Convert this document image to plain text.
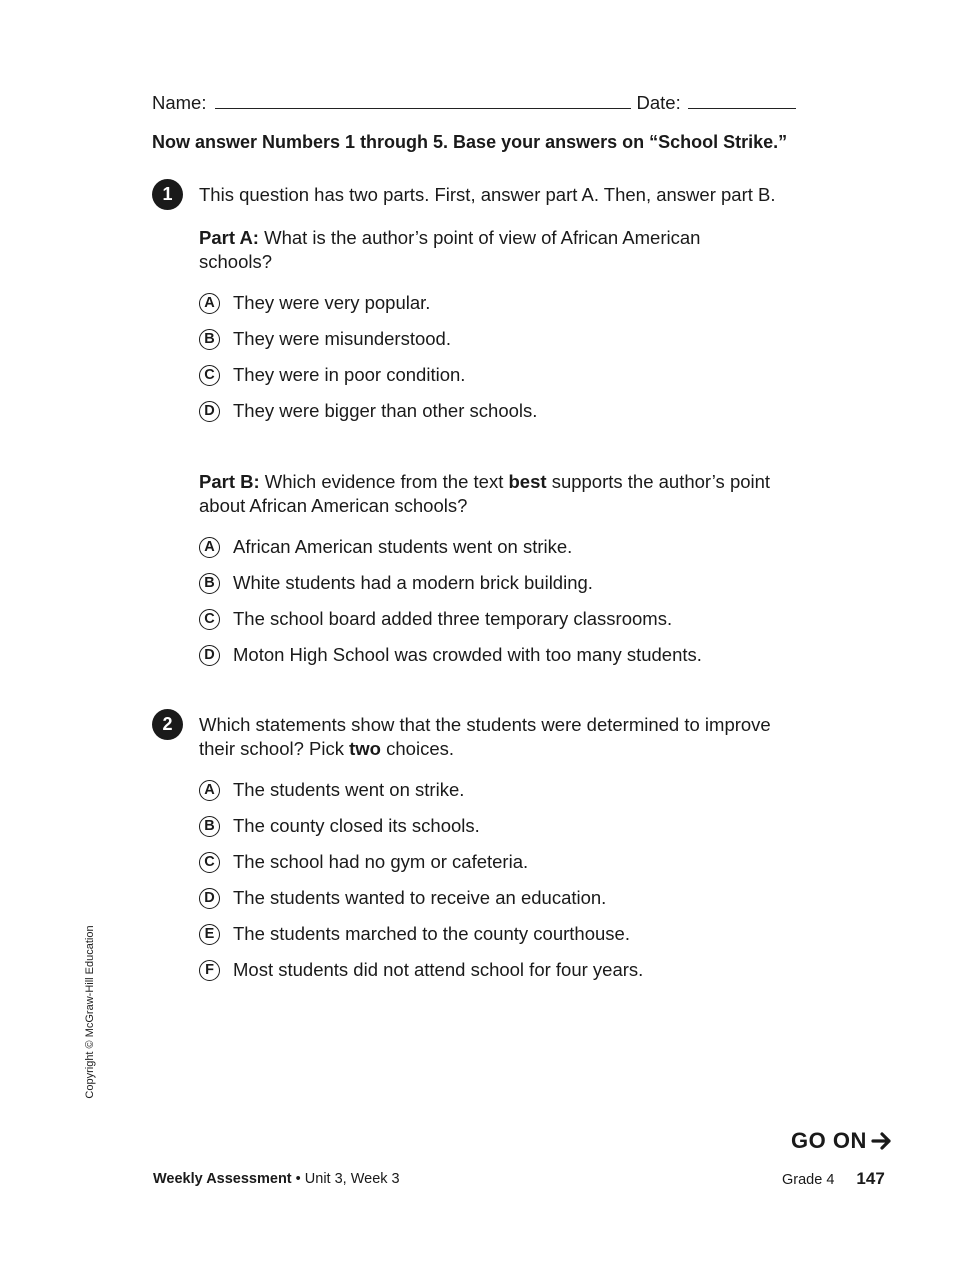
Name:	Date:
Now answer Numbers 1 through 5. Base your answers on “School Strike.”
1	This question has two parts. First, answer part A. Then, answer part B.
Part A: What is the author’s point of view of African American
schools?
A They were very popular.
B They were misunderstood.
C They were in poor condition.
D They were bigger than other schools.
Part B: Which evidence from the text best supports the author’s point
about African American schools?
A African American students went on strike.
B White students had a modern brick building.
C The school board added three temporary classrooms.
D Moton High School was crowded with too many students.
2	Which statements show that the students were determined to improve
their school? Pick two choices.
A The students went on strike.
B The county closed its schools.
C The school had no gym or cafeteria.
D The students wanted to receive an education.
E	The students marched to the county courthouse.
F	Most students did not attend school for four years.
Copyright © McGraw-Hill Education
GO ON
Weekly Assessment • Unit 3, Week 3	Grade 4 147
